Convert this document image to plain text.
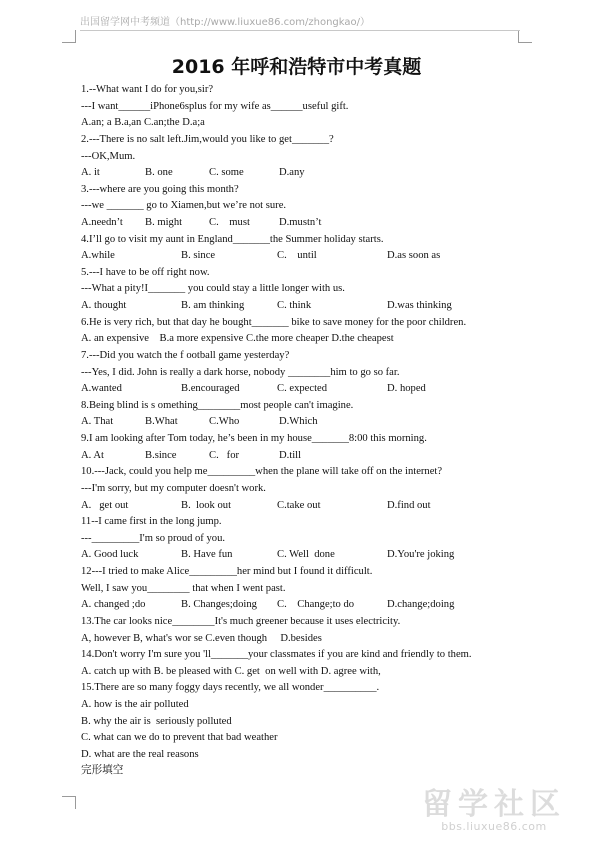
出国留学网中考频道（http://www.liuxue86.com/zhongkao/）
2016 年呼和浩特市中考真题
1.--What want I do for you,sir?
---I want______iPhone6splus for my wife as______useful gift.
A.an; a B.a,an C.an;the D.a;a
2.---There is no salt left.Jim,would you like to get_______?
---OK,Mum.
A. it	B. one	C. some	D.any
3.---where are you going this month?
---we _______ go to Xiamen,but we’re not sure.
A.needn’t B. might	C.    must	D.mustn’t
4.I’ll go to visit my aunt in England_______the Summer holiday starts.
A.while	B. since	C.    until	D.as soon as
5.---I have to be off right now.
---What a pity!I_______ you could stay a little longer with us.
A. thought	B. am thinking	C. think	D.was thinking
6.He is very rich, but that day he bought_______ bike to save money for the poor children.
A. an expensive    B.a more expensive C.the more cheaper D.the cheapest
7.---Did you watch the f ootball game yesterday?
---Yes, I did. John is really a dark horse, nobody ________him to go so far.
A.wanted	B.encouraged	C. expected	D. hoped
8.Being blind is s omething________most people can't imagine.
A. That	B.What	C.Who	D.Which
9.I am looking after Tom today, he’s been in my house_______8:00 this morning.
A. At	B.since	C.   for	D.till
10.---Jack, could you help me_________when the plane will take off on the internet?
---I'm sorry, but my computer doesn't work.
A.   get out	B.  look out	C.take out	D.find out
11--I came first in the long jump.
---_________I'm so proud of you.
A. Good luck	B. Have fun	C. Well  done	D.You're joking
12---I tried to make Alice_________her mind but I found it difficult.
Well, I saw you________ that when I went past.
A. changed ;do	B. Changes;doing C.    Change;to do	D.change;doing
13.The car looks nice________It's much greener because it uses electricity.
A, however B, what's wor se C.even though     D.besides
14.Don't worry I'm sure you 'll_______your classmates if you are kind and friendly to them.
A. catch up with B. be pleased with C. get  on well with D. agree with,
15.There are so many foggy days recently, we all wonder__________.
A. how is the air polluted
B. why the air is  seriously polluted
C. what can we do to prevent that bad weather
D. what are the real reasons
完形填空
留学社区
bbs.liuxue86.com
